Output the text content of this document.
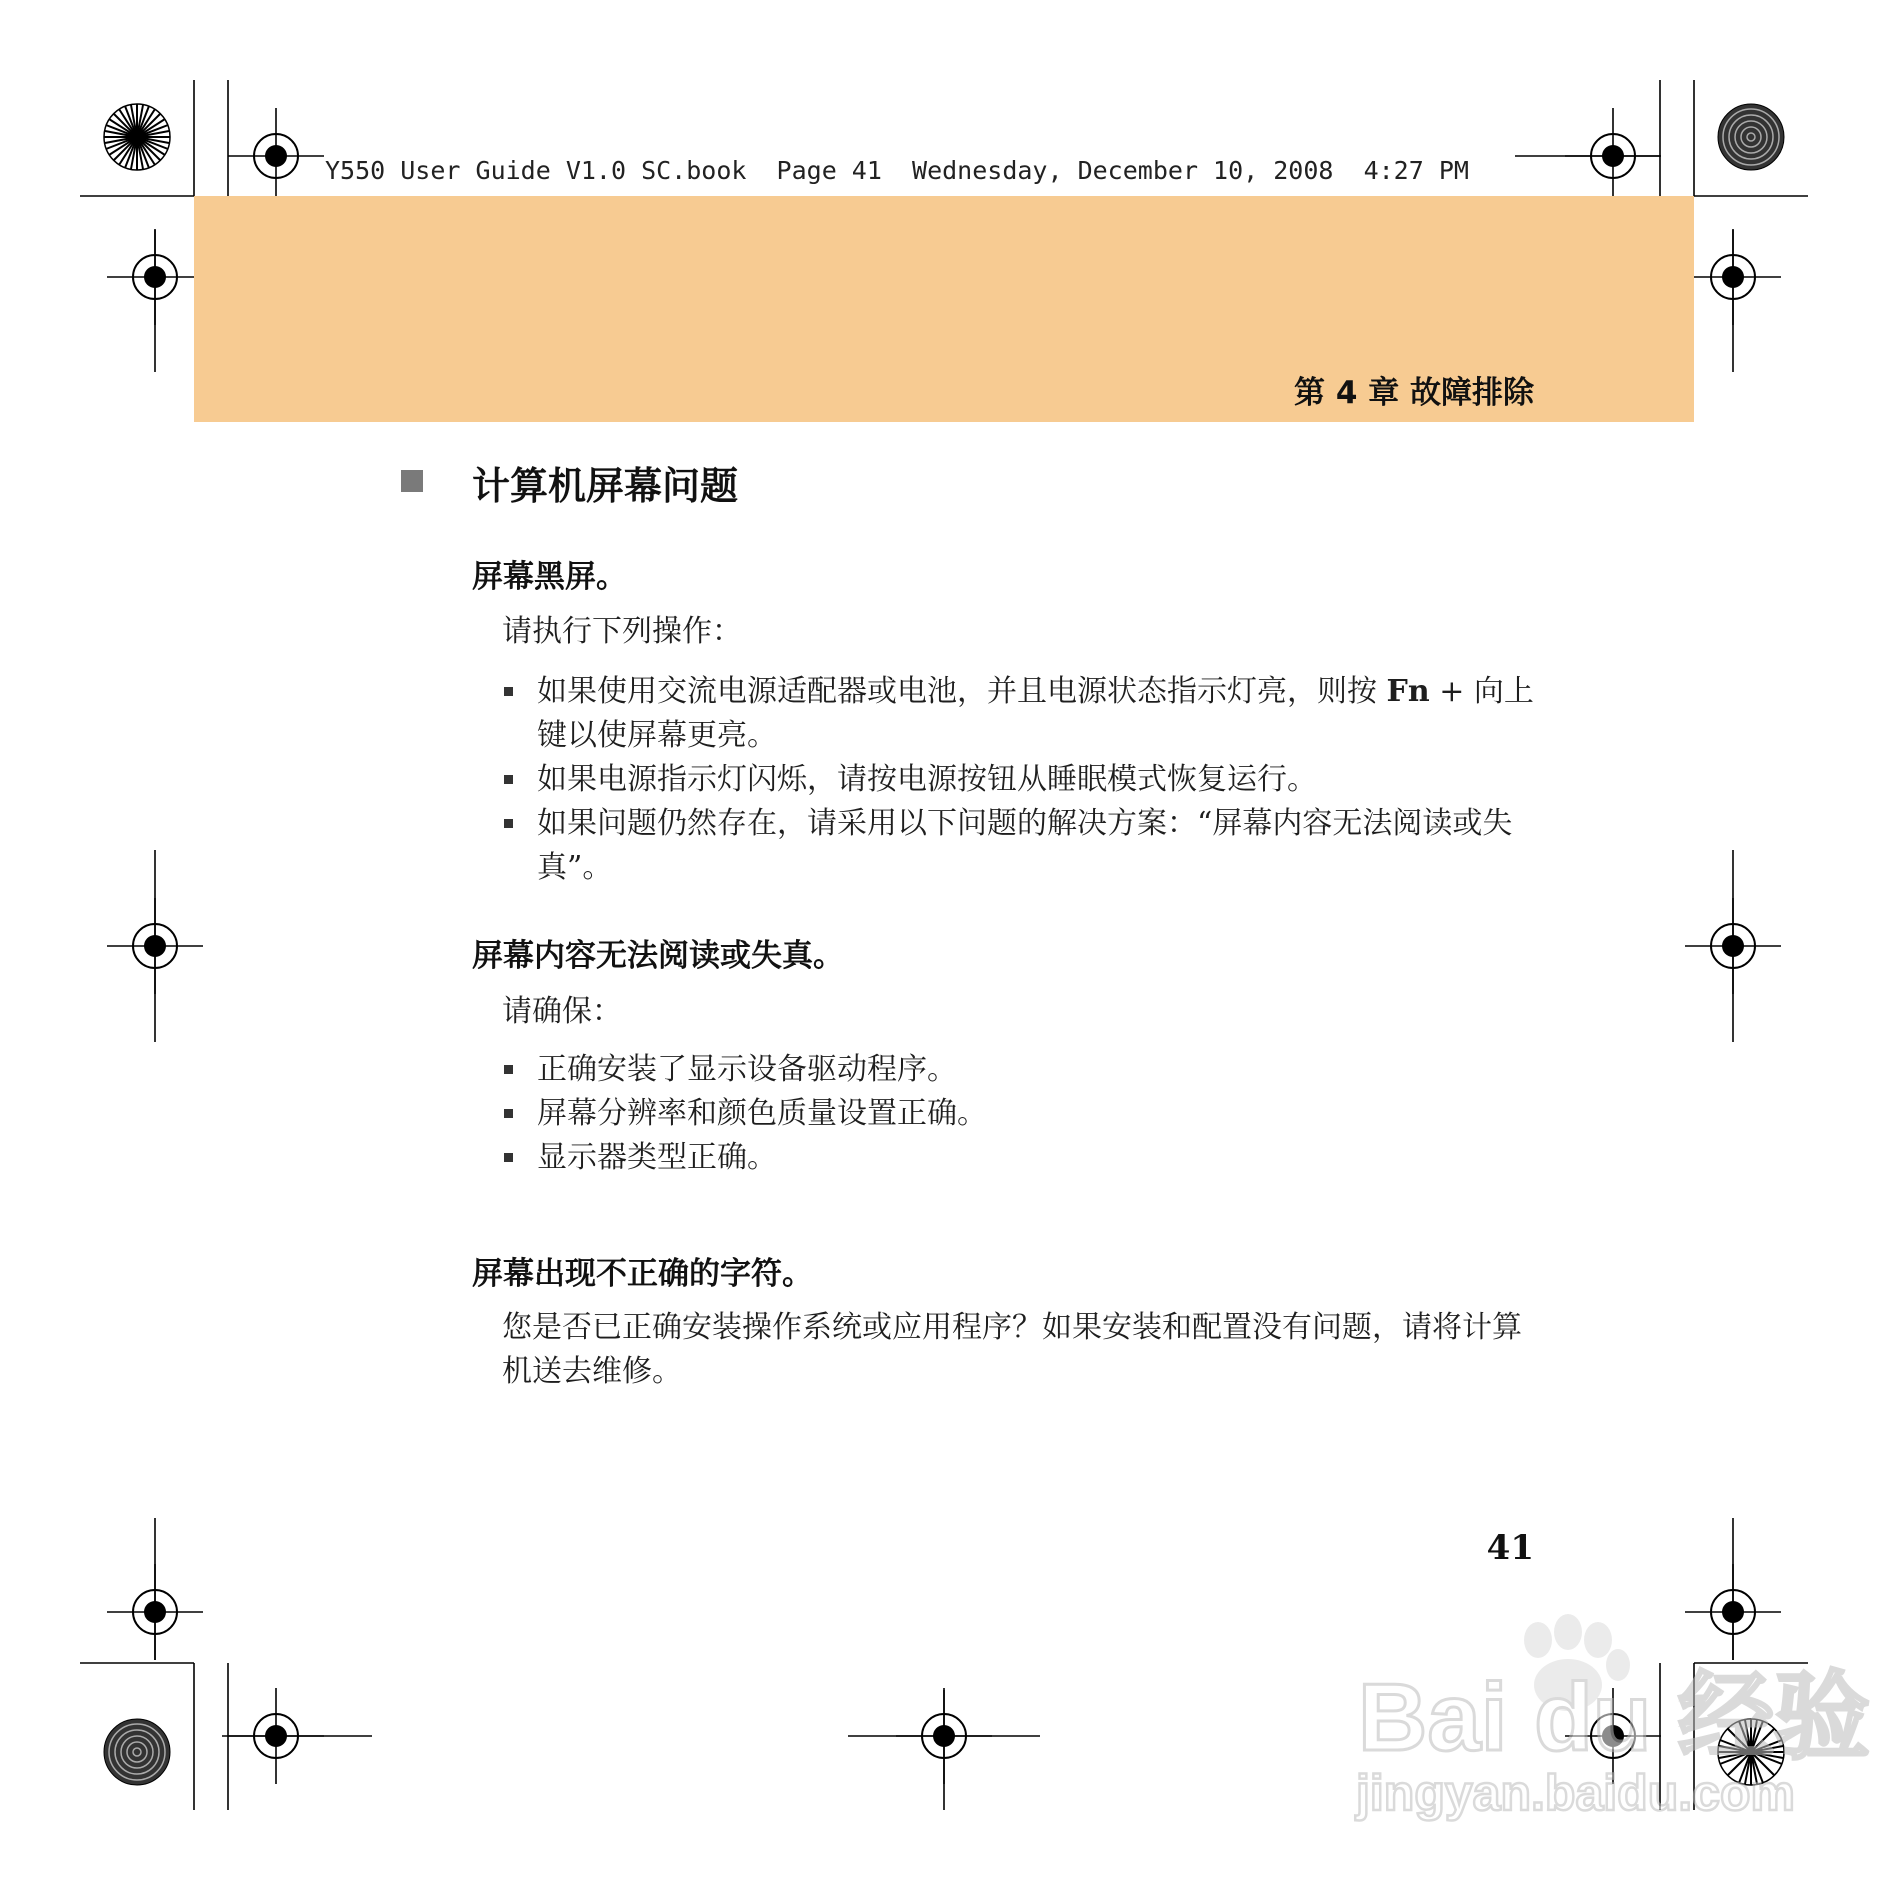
Y550 User Guide V1.0 SC.book Page 41 Wednesday, December 10, 2008 4:27 PM
第 4 章 故障排除
计算机屏幕问题
屏幕黑屏。
请执行下列操作：
如果使用交流电源适配器或电池，并且电源状态指示灯亮，则按 Fn + 向上键以使屏幕更亮。
如果电源指示灯闪烁，请按电源按钮从睡眠模式恢复运行。
如果问题仍然存在，请采用以下问题的解决方案：“屏幕内容无法阅读或失真”。
屏幕内容无法阅读或失真。
请确保：
正确安装了显示设备驱动程序。
屏幕分辨率和颜色质量设置正确。
显示器类型正确。
屏幕出现不正确的字符。
您是否已正确安装操作系统或应用程序？如果安装和配置没有问题，请将计算机送去维修。
41
Bai du 经验
jingyan.baidu.com
